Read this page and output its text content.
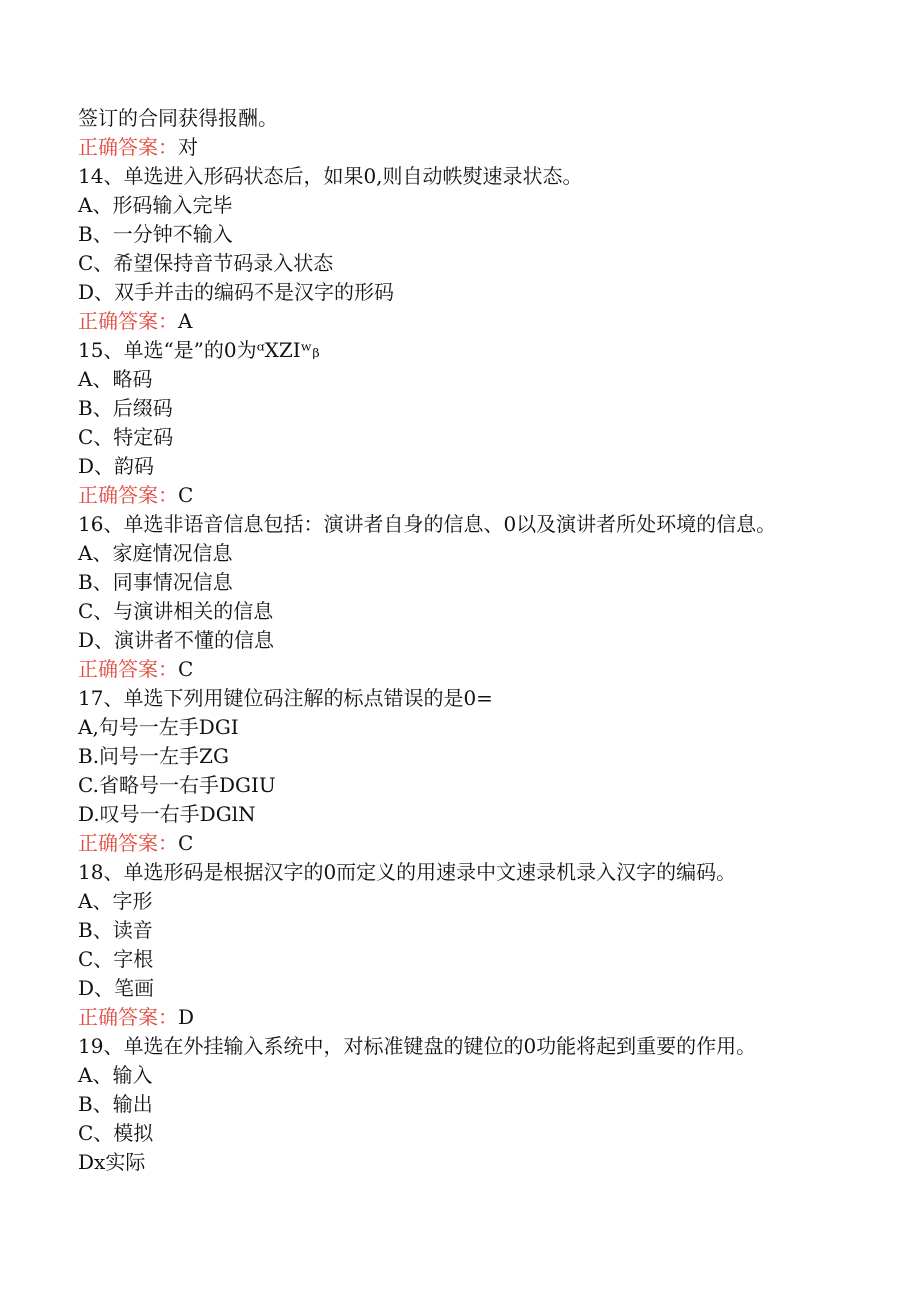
签订的合同获得报酬。
正确答案：对
14、单选进入形码状态后，如果0,则自动帙熨速录状态。
A、形码输入完毕
B、一分钟不输入
C、希望保持音节码录入状态
D、双手并击的编码不是汉字的形码
正确答案：A
15、单选“是”的0为ᵅXZIʷᵦ
A、略码
B、后缀码
C、特定码
D、韵码
正确答案：C
16、单选非语音信息包括：演讲者自身的信息、0以及演讲者所处环境的信息。
A、家庭情况信息
B、同事情况信息
C、与演讲相关的信息
D、演讲者不懂的信息
正确答案：C
17、单选下列用键位码注解的标点错误的是0=
A,句号一左手DGI
B.问号一左手ZG
C.省略号一右手DGIU
D.叹号一右手DGlN
正确答案：C
18、单选形码是根据汉字的0而定义的用速录中文速录机录入汉字的编码。
A、字形
B、读音
C、字根
D、笔画
正确答案：D
19、单选在外挂输入系统中，对标准键盘的键位的0功能将起到重要的作用。
A、输入
B、输出
C、模拟
Dx实际
